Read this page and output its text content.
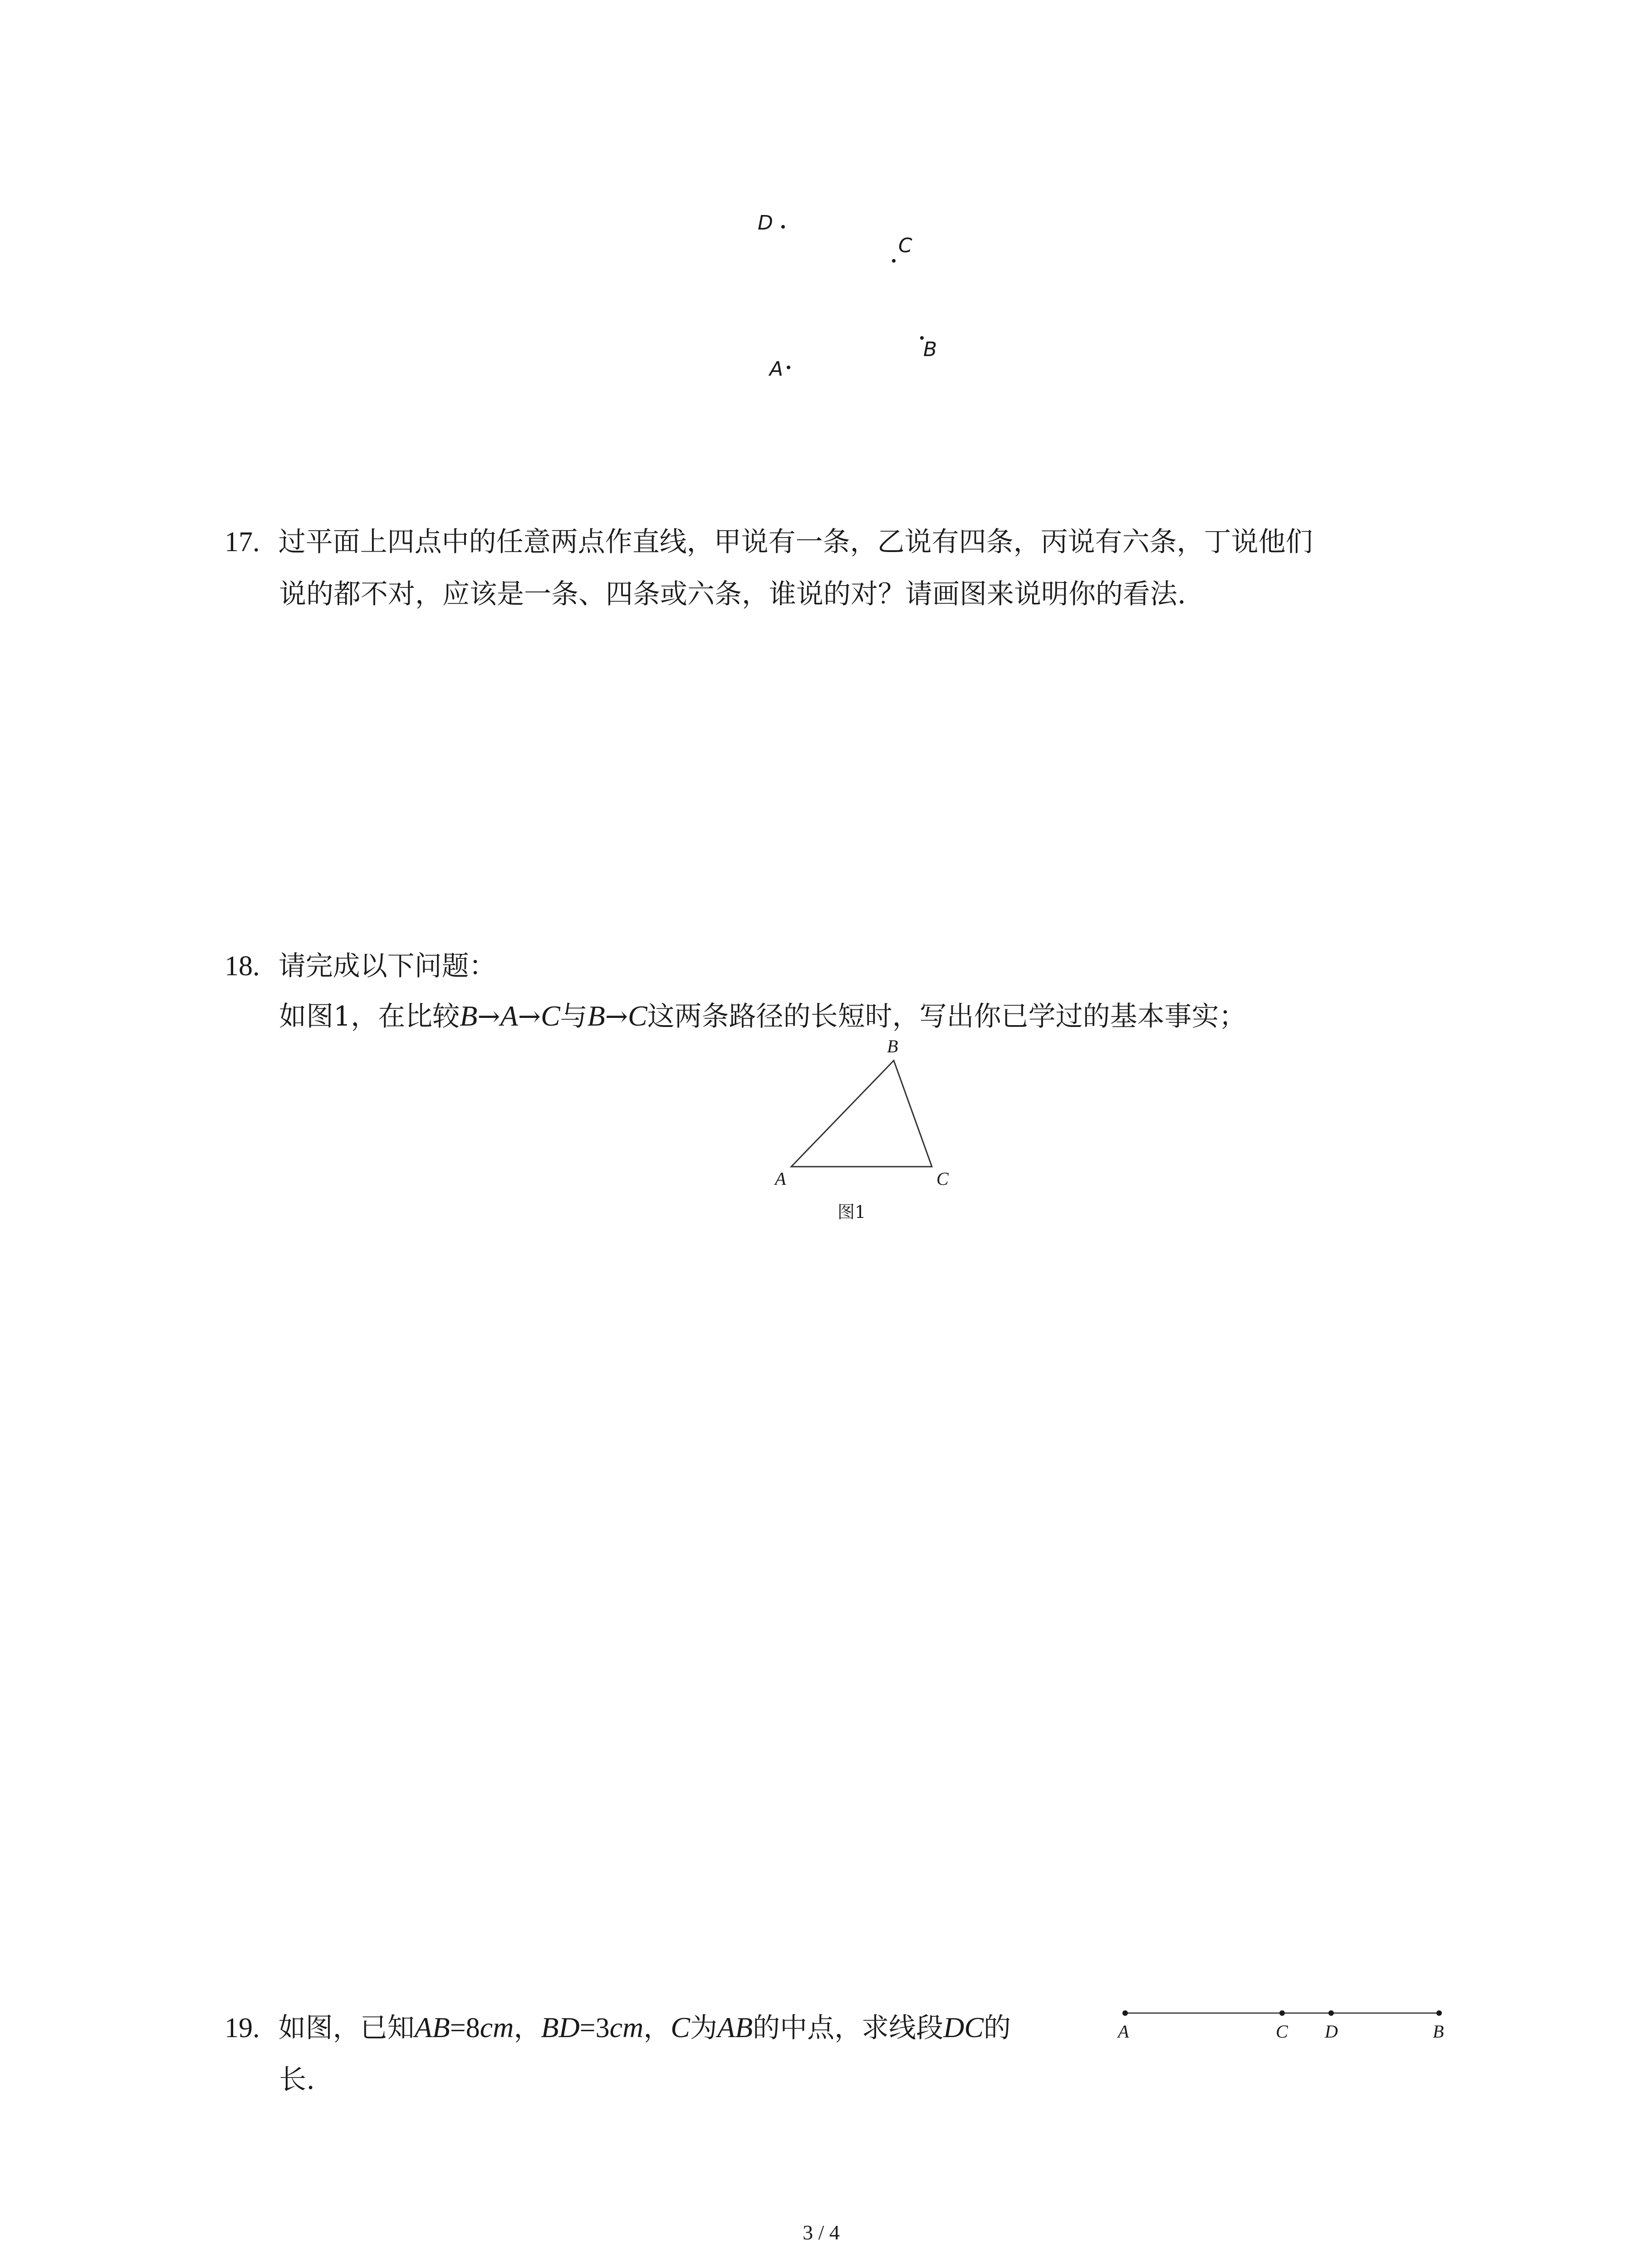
D
C
B
A
17. 过平面上四点中的任意两点作直线，甲说有一条，乙说有四条，丙说有六条，丁说他们
说的都不对，应该是一条、四条或六条，谁说的对？请画图来说明你的看法.
18. 请完成以下问题：
如图1，在比较B→A→C与B→C这两条路径的长短时，写出你已学过的基本事实；
B
A	C
图1
19. 如图，已知AB=8cm，BD=3cm，C为AB的中点，求线段DC的
长.
A	C D	B
3 / 4
